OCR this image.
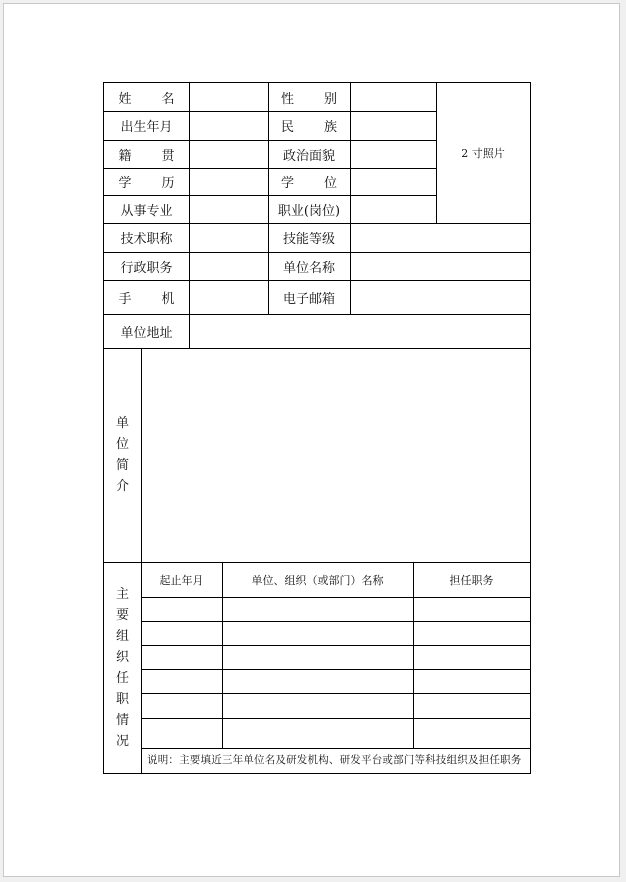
姓 名	性 别
出生年月	民 族
籍 贯	政治面貌
学 历	学 位
从事专业	职业(岗位)
2 寸照片
技术职称	技能等级
行政职务	单位名称
手 机	电子邮箱
单位地址
单
位
简
介
主
要
组
织
任
职
情
况
起止年月	单位、组织（或部门）名称	担任职务
说明：主要填近三年单位名及研发机构、研发平台或部门等科技组织及担任职务
